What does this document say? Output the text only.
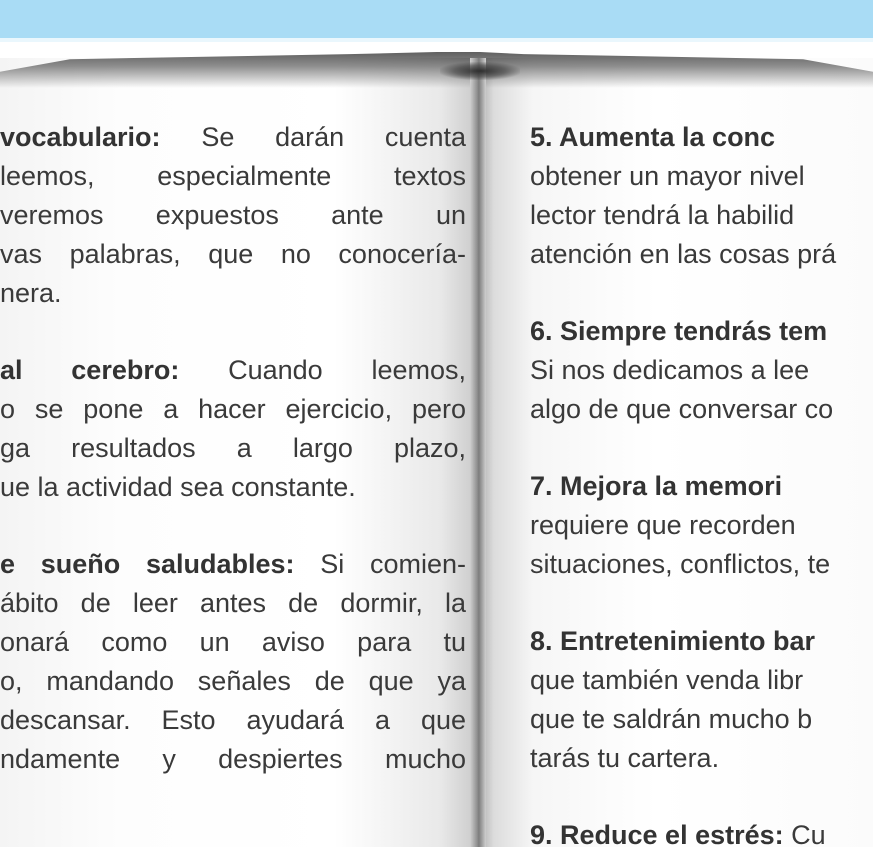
vocabulario: Se darán cuenta
leemos, especialmente textos
veremos expuestos ante un
vas palabras, que no conocería-
nera.
al cerebro: Cuando leemos,
o se pone a hacer ejercicio, pero
ga resultados a largo plazo,
ue la actividad sea constante.
e sueño saludables: Si comien-
ábito de leer antes de dormir, la
onará como un aviso para tu
o, mandando señales de que ya
descansar. Esto ayudará a que
ndamente y despiertes mucho
5. Aumenta la conc
obtener un mayor nivel
lector tendrá la habilid
atención en las cosas prá
6. Siempre tendrás tem
Si nos dedicamos a lee
algo de que conversar co
7. Mejora la memori
requiere que recorden
situaciones, conflictos, te
8. Entretenimiento bar
que también venda libr
que te saldrán mucho b
tarás tu cartera.
9. Reduce el estrés: Cu
